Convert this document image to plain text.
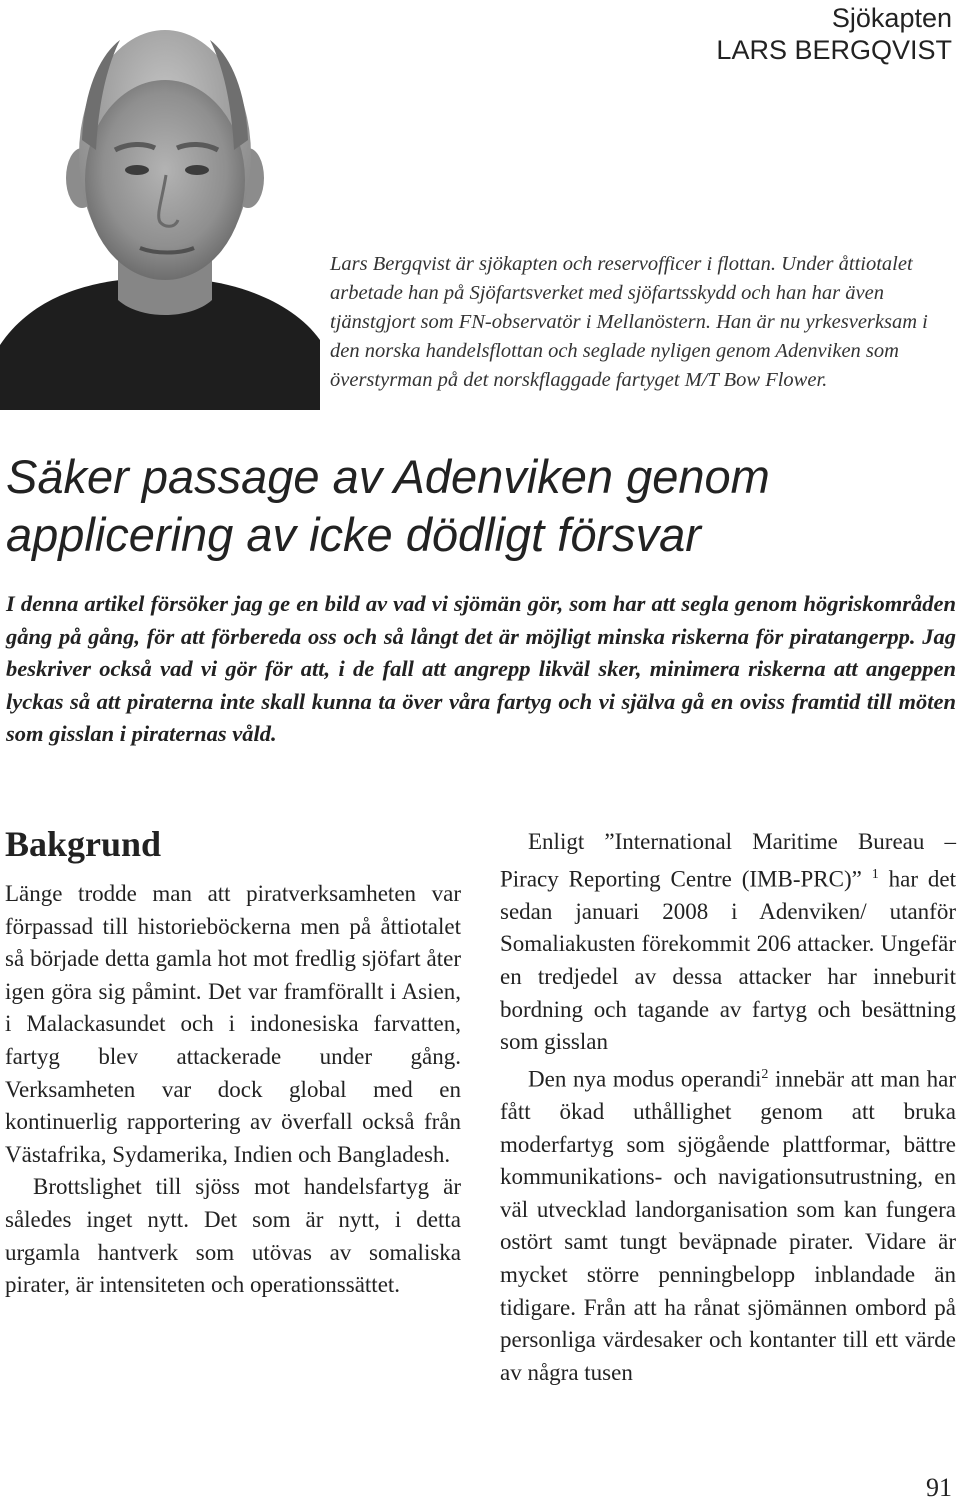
Sjökapten
LARS BERGQVIST
Lars Bergqvist är sjökapten och reservofficer i flottan. Under åttiotalet arbetade han på Sjöfartsverket med sjöfartsskydd och han har även tjänstgjort som FN-observatör i Mellanöstern. Han är nu yrkesverksam i den norska handelsflottan och seglade nyligen genom Adenviken som överstyrman på det norskflaggade fartyget M/T Bow Flower.
Säker passage av Adenviken genom
applicering av icke dödligt försvar

I denna artikel försöker jag ge en bild av vad vi sjömän gör, som har att segla genom högriskområden gång på gång, för att förbereda oss och så långt det är möjligt minska riskerna för piratangerpp. Jag beskriver också vad vi gör för att, i de fall att angrepp likväl sker, minimera riskerna att angeppen lyckas så att piraterna inte skall kunna ta över våra fartyg och vi själva gå en oviss framtid till möten som gisslan i piraternas våld.

Bakgrund

Länge trodde man att piratverksamheten var förpassad till historieböckerna men på åttiotalet så började detta gamla hot mot fredlig sjöfart åter igen göra sig påmint. Det var framförallt i Asien, i Malackasundet och i indonesiska farvatten, fartyg blev attackerade under gång. Verksamheten var dock global med en kontinuerlig rapportering av överfall också från Västafrika, Sydamerika, Indien och Bangladesh.

Brottslighet till sjöss mot handelsfartyg är således inget nytt. Det som är nytt, i detta urgamla hantverk som utövas av somaliska pirater, är intensiteten och operationssättet.

Enligt ”International Maritime Bureau – Piracy Reporting Centre (IMB-PRC)” $^1$ har det sedan januari 2008 i Adenviken/ utanför Somaliakusten förekommit 206 attacker. Ungefär en tredjedel av dessa attacker har inneburit bordning och tagande av fartyg och besättning som gisslan

Den nya modus operandi$^2$ innebär att man har fått ökad uthållighet genom att bruka moderfartyg som sjögående plattformar, bättre kommunikations- och navigationsutrustning, en väl utvecklad landorganisation som kan fungera ostört samt tungt beväpnade pirater. Vidare är mycket större penningbelopp inblandade än tidigare. Från att ha rånat sjömännen ombord på personliga värdesaker och kontanter till ett värde av några tusen

91
